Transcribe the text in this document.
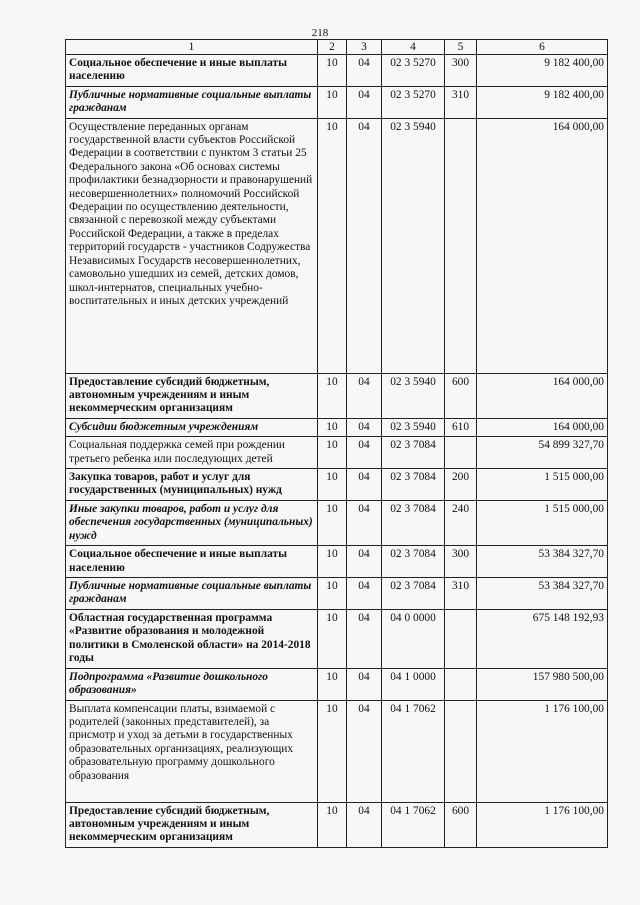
218
1	2	3	4	5	6
Социальное обеспечение и иные выплаты населению	10	04	02 3 5270	300	9 182 400,00
Публичные нормативные социальные выплаты гражданам	10	04	02 3 5270	310	9 182 400,00
Осуществление переданных органам государственной власти субъектов Российской Федерации в соответствии с пунктом 3 статьи 25 Федерального закона «Об основах системы профилактики безнадзорности и правонарушений несовершеннолетних» полномочий Российской Федерации по осуществлению деятельности, связанной с перевозкой между субъектами Российской Федерации, а также в пределах территорий государств - участников Содружества Независимых Государств несовершеннолетних, самовольно ушедших из семей, детских домов, школ-интернатов, специальных учебно-воспитательных и иных детских учреждений	10	04	02 3 5940		164 000,00
Предоставление субсидий бюджетным, автономным учреждениям и иным некоммерческим организациям	10	04	02 3 5940	600	164 000,00
Субсидии бюджетным учреждениям	10	04	02 3 5940	610	164 000,00
Социальная поддержка семей при рождении третьего ребенка или последующих детей	10	04	02 3 7084		54 899 327,70
Закупка товаров, работ и услуг для государственных (муниципальных) нужд	10	04	02 3 7084	200	1 515 000,00
Иные закупки товаров, работ и услуг для обеспечения государственных (муниципальных) нужд	10	04	02 3 7084	240	1 515 000,00
Социальное обеспечение и иные выплаты населению	10	04	02 3 7084	300	53 384 327,70
Публичные нормативные социальные выплаты гражданам	10	04	02 3 7084	310	53 384 327,70
Областная государственная программа «Развитие образования и молодежной политики в Смоленской области» на 2014-2018 годы	10	04	04 0 0000		675 148 192,93
Подпрограмма «Развитие дошкольного образования»	10	04	04 1 0000		157 980 500,00
Выплата компенсации платы, взимаемой с родителей (законных представителей), за присмотр и уход за детьми в государственных образовательных организациях, реализующих образовательную программу дошкольного образования	10	04	04 1 7062		1 176 100,00
Предоставление субсидий бюджетным, автономным учреждениям и иным некоммерческим организациям	10	04	04 1 7062	600	1 176 100,00
